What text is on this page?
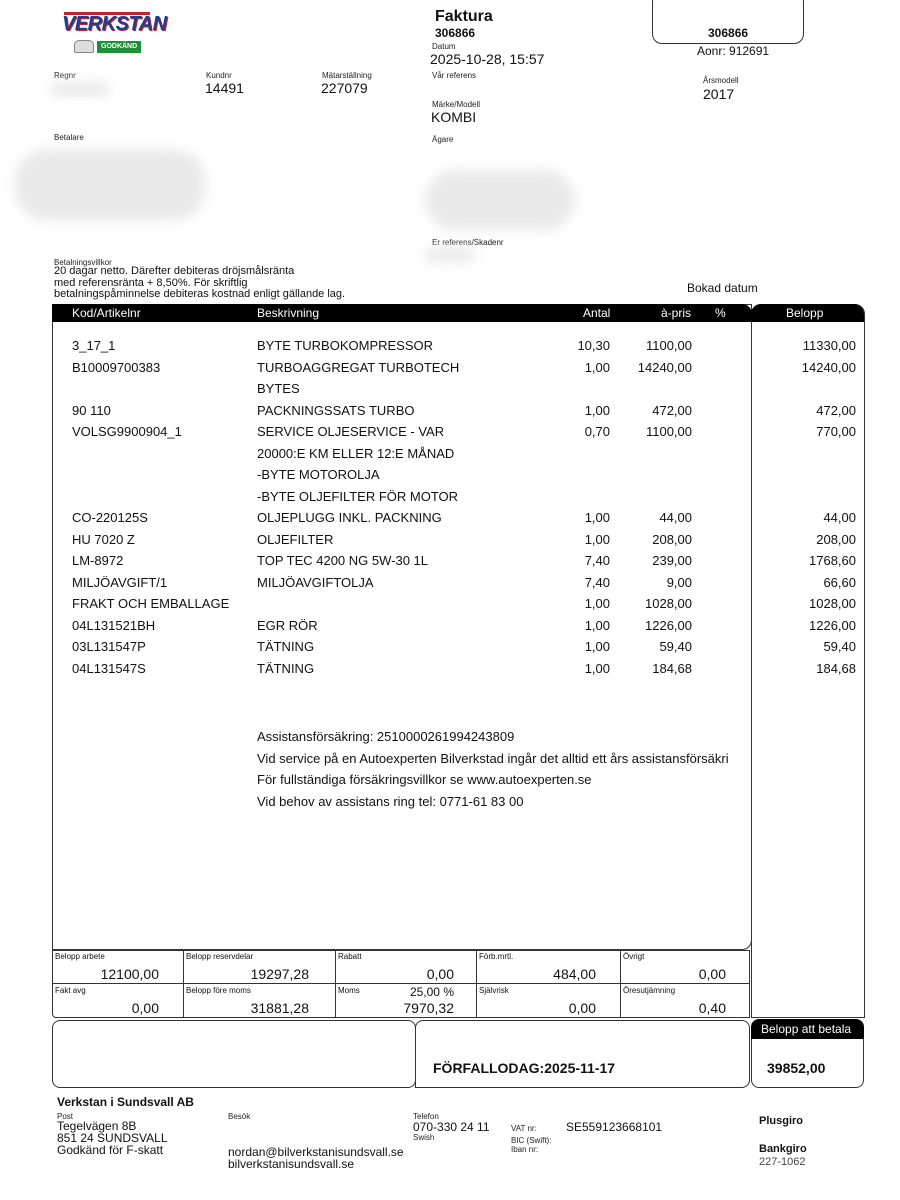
VERKSTAN
GODKÄND
Faktura
306866
Datum
2025-10-28, 15:57
Vår referens
306866
Aonr: 912691
Årsmodell
2017
Regnr	Kundnr
14491
Mätarställning
227079
Märke/Modell
KOMBI
Ägare
Betalare
Er referens/Skadenr
Betalningsvillkor
20 dagar netto. Därefter debiteras dröjsmålsränta
med referensränta + 8,50%. För skriftlig
betalningspåminnelse debiteras kostnad enligt gällande lag.	Bokad datum
Kod/Artikelnr	Beskrivning	Antal	à-pris %	Belopp
3_17_1	BYTE TURBOKOMPRESSOR	10,30	1100,00	11330,00
B10009700383	TURBOAGGREGAT TURBOTECH	1,00	14240,00	14240,00
BYTES
90 110	PACKNINGSSATS TURBO	1,00	472,00	472,00
VOLSG9900904_1	SERVICE OLJESERVICE - VAR	0,70	1100,00	770,00
20000:E KM ELLER 12:E MÅNAD
-BYTE MOTOROLJA
-BYTE OLJEFILTER FÖR MOTOR
CO-220125S	OLJEPLUGG INKL. PACKNING	1,00	44,00	44,00
HU 7020 Z	OLJEFILTER	1,00	208,00	208,00
LM-8972	TOP TEC 4200 NG 5W-30 1L	7,40	239,00	1768,60
MILJÖAVGIFT/1	MILJÖAVGIFTOLJA	7,40	9,00	66,60
FRAKT OCH EMBALLAGE	1,00	1028,00	1028,00
04L131521BH	EGR RÖR	1,00	1226,00	1226,00
03L131547P	TÄTNING	1,00	59,40	59,40
04L131547S	TÄTNING	1,00	184,68	184,68
Assistansförsäkring: 2510000261994243809
Vid service på en Autoexperten Bilverkstad ingår det alltid ett års assistansförsäkri
För fullständiga försäkringsvillkor se www.autoexperten.se
Vid behov av assistans ring tel: 0771-61 83 00
Belopp arbete
12100,00
Belopp reservdelar
19297,28
Rabatt
0,00
Förb.mrtl.
484,00
Övrigt
0,00
Fakt avg
0,00
Belopp före moms
31881,28
Moms	25,00 %
7970,32
Självrisk
0,00
Öresutjämning
0,40
FÖRFALLODAG:2025-11-17
Belopp att betala
39852,00
Verkstan i Sundsvall AB
Post
Tegelvägen 8B
851 24 SUNDSVALL
Godkänd för F-skatt
Besök
nordan@bilverkstanisundsvall.se
bilverkstanisundsvall.se
Telefon
070-330 24 11
Swish
VAT nr: SE559123668101
BIC (Swift):
Iban nr:
Plusgiro
Bankgiro
227-1062
